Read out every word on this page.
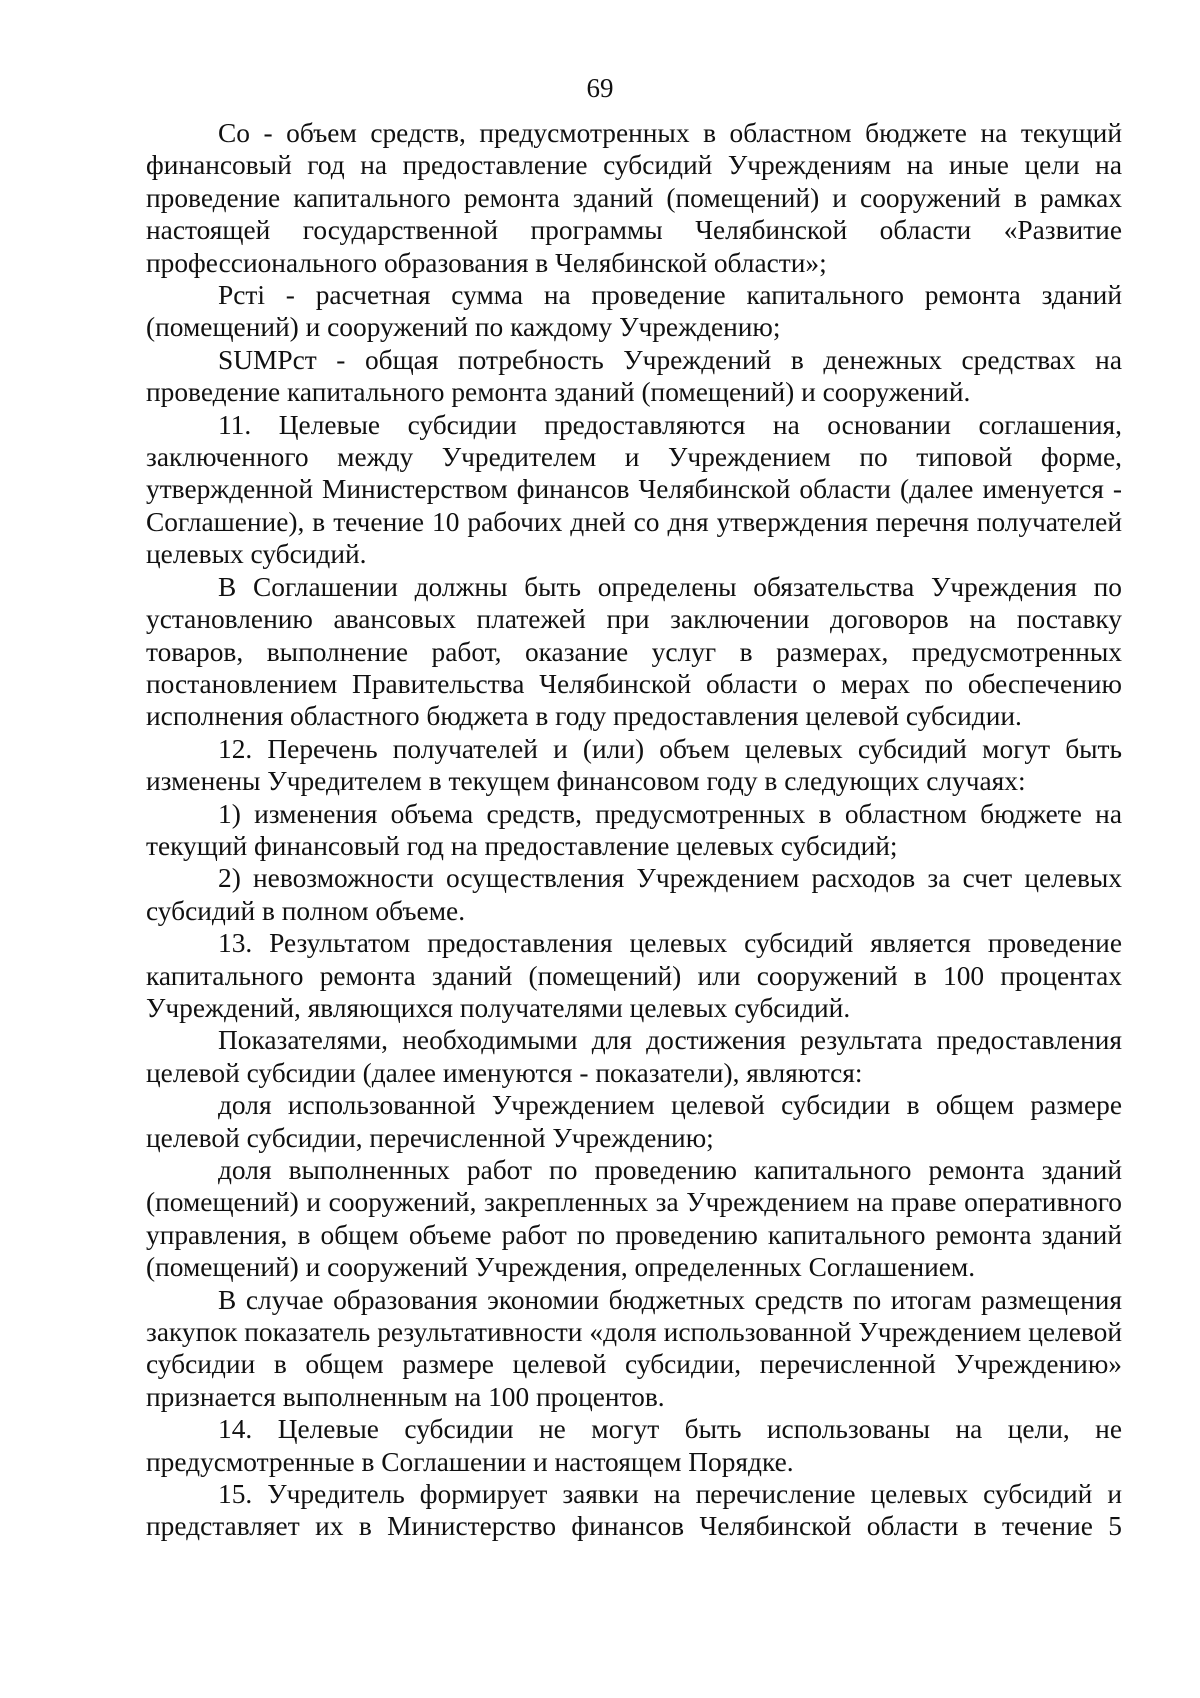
69

Со - объем средств, предусмотренных в областном бюджете на текущий финансовый год на предоставление субсидий Учреждениям на иные цели на проведение капитального ремонта зданий (помещений) и сооружений в рамках настоящей государственной программы Челябинской области «Развитие профессионального образования в Челябинской области»;

Рсті - расчетная сумма на проведение капитального ремонта зданий (помещений) и сооружений по каждому Учреждению;

SUMРст - общая потребность Учреждений в денежных средствах на проведение капитального ремонта зданий (помещений) и сооружений.

11. Целевые субсидии предоставляются на основании соглашения, заключенного между Учредителем и Учреждением по типовой форме, утвержденной Министерством финансов Челябинской области (далее именуется - Соглашение), в течение 10 рабочих дней со дня утверждения перечня получателей целевых субсидий.

В Соглашении должны быть определены обязательства Учреждения по установлению авансовых платежей при заключении договоров на поставку товаров, выполнение работ, оказание услуг в размерах, предусмотренных постановлением Правительства Челябинской области о мерах по обеспечению исполнения областного бюджета в году предоставления целевой субсидии.

12. Перечень получателей и (или) объем целевых субсидий могут быть изменены Учредителем в текущем финансовом году в следующих случаях:

1) изменения объема средств, предусмотренных в областном бюджете на текущий финансовый год на предоставление целевых субсидий;

2) невозможности осуществления Учреждением расходов за счет целевых субсидий в полном объеме.

13. Результатом предоставления целевых субсидий является проведение капитального ремонта зданий (помещений) или сооружений в 100 процентах Учреждений, являющихся получателями целевых субсидий.

Показателями, необходимыми для достижения результата предоставления целевой субсидии (далее именуются - показатели), являются:

доля использованной Учреждением целевой субсидии в общем размере целевой субсидии, перечисленной Учреждению;

доля выполненных работ по проведению капитального ремонта зданий (помещений) и сооружений, закрепленных за Учреждением на праве оперативного управления, в общем объеме работ по проведению капитального ремонта зданий (помещений) и сооружений Учреждения, определенных Соглашением.

В случае образования экономии бюджетных средств по итогам размещения закупок показатель результативности «доля использованной Учреждением целевой субсидии в общем размере целевой субсидии, перечисленной Учреждению» признается выполненным на 100 процентов.

14. Целевые субсидии не могут быть использованы на цели, не предусмотренные в Соглашении и настоящем Порядке.

15. Учредитель формирует заявки на перечисление целевых субсидий и представляет их в Министерство финансов Челябинской области в течение 5
